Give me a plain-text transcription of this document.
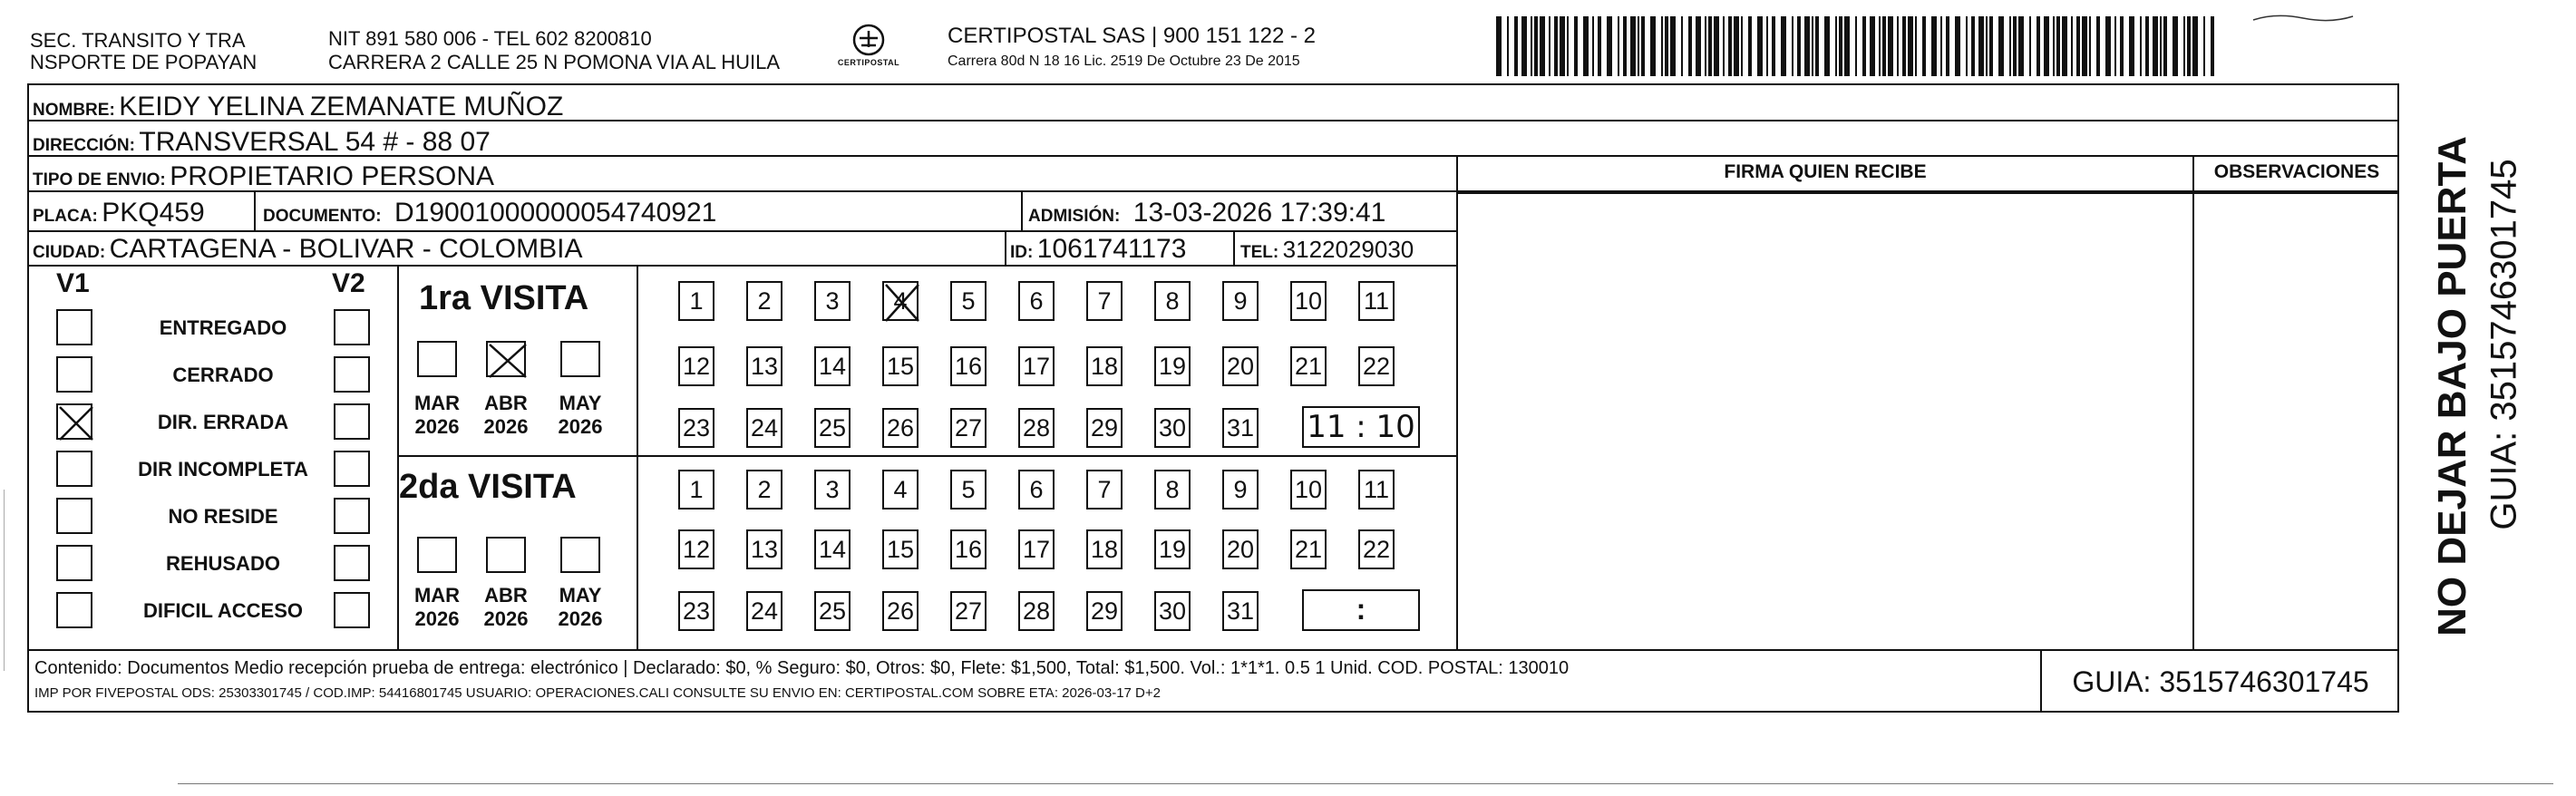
SEC. TRANSITO Y TRA
NSPORTE DE POPAYAN
NIT 891 580 006 - TEL 602 8200810
CARRERA 2 CALLE 25 N POMONA VIA AL HUILA	CERTIPOSTAL
CERTIPOSTAL SAS | 900 151 122 - 2
Carrera 80d N 18 16 Lic. 2519 De Octubre 23 De 2015
NOMBRE: KEIDY YELINA ZEMANATE MUÑOZ
DIRECCIÓN: TRANSVERSAL 54 # - 88 07
TIPO DE ENVIO: PROPIETARIO PERSONA
PLACA: PKQ459	DOCUMENTO: D19001000000054740921	ADMISIÓN: 13-03-2026 17:39:41
CIUDAD: CARTAGENA - BOLIVAR - COLOMBIA	ID: 1061741173	TEL: 3122029030
FIRMA QUIEN RECIBE	OBSERVACIONES
V1	V2
ENTREGADO
CERRADO
DIR. ERRADA
DIR INCOMPLETA
NO RESIDE
REHUSADO
DIFICIL ACCESO
1ra VISITA
2da VISITA
MAR
2026
ABR
2026
MAY
2026
MAR
2026
ABR
2026
MAY
2026
1	2	3	4	5	6	7	8	9	10 11
12 13 14 15 16 17 18 19 20 21 22
23 24 25 26 27 28 29 30 31
1	2	3	4	5	6	7	8	9	10 11
12 13 14 15 16 17 18 19 20 21 22
23 24 25 26 27 28 29 30 31
11 : 10
:
Contenido: Documentos Medio recepción prueba de entrega: electrónico | Declarado: $0, % Seguro: $0, Otros: $0, Flete: $1,500, Total: $1,500. Vol.: 1*1*1. 0.5 1 Unid. COD. POSTAL: 130010
IMP POR FIVEPOSTAL ODS: 25303301745 / COD.IMP: 54416801745 USUARIO: OPERACIONES.CALI CONSULTE SU ENVIO EN: CERTIPOSTAL.COM SOBRE ETA: 2026-03-17 D+2	GUIA: 3515746301745
NO DEJAR BAJO PUERTA GUIA: 3515746301745
